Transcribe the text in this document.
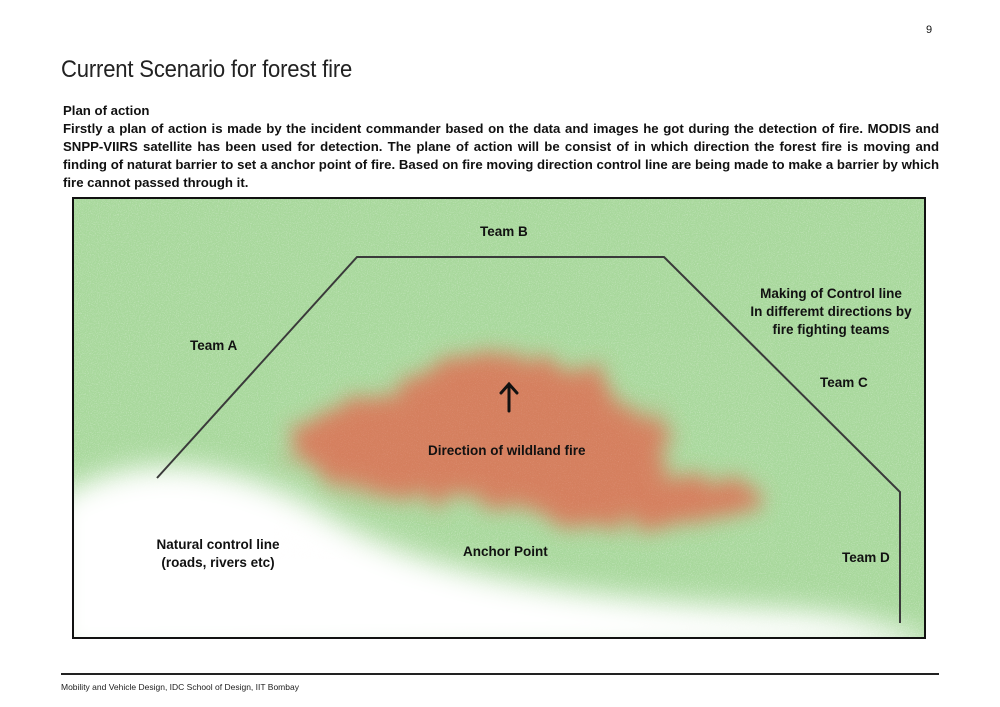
9
Current Scenario for forest fire

Plan of action

Firstly a plan of action is made by the incident commander based on the data and images he got during the detection of fire. MODIS and SNPP-VIIRS satellite has been used for detection. The plane of action will be consist of in which direction the forest fire is moving and finding of naturat barrier to set a anchor point of fire. Based on fire moving direction control line are being made to make a barrier by which fire cannot passed through it.

Team B
Team A
Team C
Team D
Making of Control line
In differemt directions by
fire fighting teams
Direction of wildland fire
Natural control line
(roads, rivers etc)
Anchor Point
Mobility and Vehicle Design, IDC School of Design, IIT Bombay
